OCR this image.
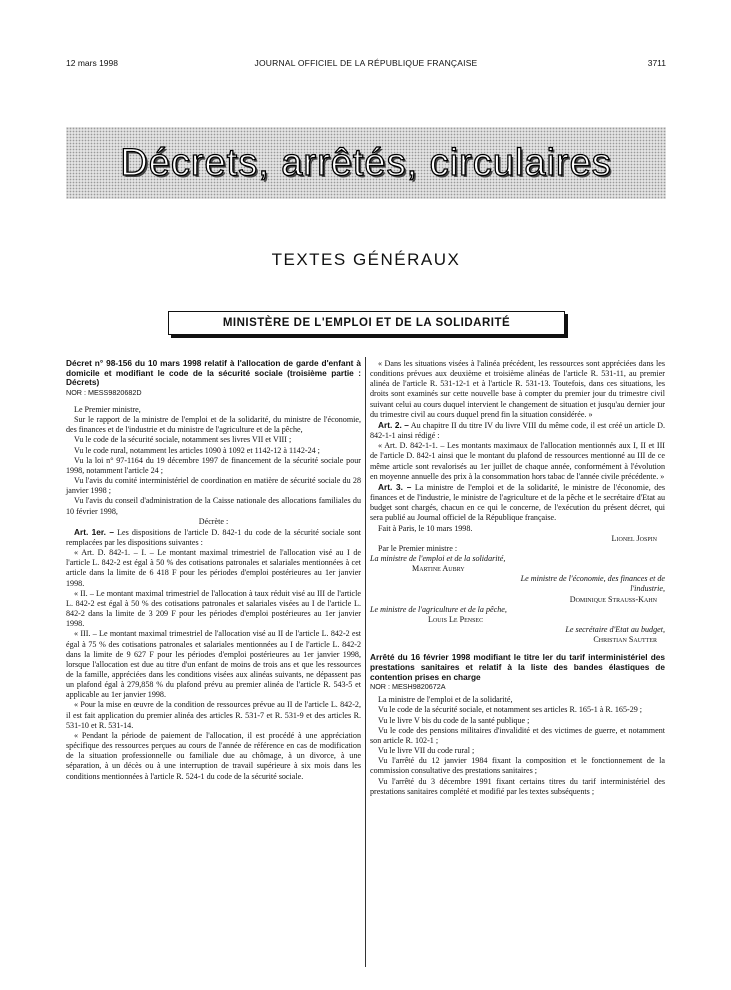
12 mars 1998	JOURNAL OFFICIEL DE LA RÉPUBLIQUE FRANÇAISE	3711
Décrets, arrêtés, circulaires
TEXTES GÉNÉRAUX
MINISTÈRE DE L'EMPLOI ET DE LA SOLIDARITÉ

Décret n° 98-156 du 10 mars 1998 relatif à l'allocation de garde d'enfant à domicile et modifiant le code de la sécurité sociale (troisième partie : Décrets)

NOR : MESS9820682D

Le Premier ministre,

Sur le rapport de la ministre de l'emploi et de la solidarité, du ministre de l'économie, des finances et de l'industrie et du ministre de l'agriculture et de la pêche,

Vu le code de la sécurité sociale, notamment ses livres VII et VIII ;

Vu le code rural, notamment les articles 1090 à 1092 et 1142-12 à 1142-24 ;

Vu la loi n° 97-1164 du 19 décembre 1997 de financement de la sécurité sociale pour 1998, notamment l'article 24 ;

Vu l'avis du comité interministériel de coordination en matière de sécurité sociale du 28 janvier 1998 ;

Vu l'avis du conseil d'administration de la Caisse nationale des allocations familiales du 10 février 1998,

Décrète :

Art. 1er. – Les dispositions de l'article D. 842-1 du code de la sécurité sociale sont remplacées par les dispositions suivantes :

« Art. D. 842-1. – I. – Le montant maximal trimestriel de l'allocation visé au I de l'article L. 842-2 est égal à 50 % des cotisations patronales et salariales mentionnées à cet article dans la limite de 6 418 F pour les périodes d'emploi postérieures au 1er janvier 1998.

« II. – Le montant maximal trimestriel de l'allocation à taux réduit visé au III de l'article L. 842-2 est égal à 50 % des cotisations patronales et salariales visées au I de l'article L. 842-2 dans la limite de 3 209 F pour les périodes d'emploi postérieures au 1er janvier 1998.

« III. – Le montant maximal trimestriel de l'allocation visé au II de l'article L. 842-2 est égal à 75 % des cotisations patronales et salariales mentionnées au I de l'article L. 842-2 dans la limite de 9 627 F pour les périodes d'emploi postérieures au 1er janvier 1998, lorsque l'allocation est due au titre d'un enfant de moins de trois ans et que les ressources de la famille, appréciées dans les conditions visées aux alinéas suivants, ne dépassent pas un plafond égal à 279,858 % du plafond prévu au premier alinéa de l'article R. 543-5 et applicable au 1er janvier 1998.

« Pour la mise en œuvre de la condition de ressources prévue au II de l'article L. 842-2, il est fait application du premier alinéa des articles R. 531-7 et R. 531-9 et des articles R. 531-10 et R. 531-14.

« Pendant la période de paiement de l'allocation, il est procédé à une appréciation spécifique des ressources perçues au cours de l'année de référence en cas de modification de la situation professionnelle ou familiale due au chômage, à un divorce, à une séparation, à un décès ou à une interruption de travail supérieure à six mois dans les conditions mentionnées à l'article R. 524-1 du code de la sécurité sociale.

« Dans les situations visées à l'alinéa précédent, les ressources sont appréciées dans les conditions prévues aux deuxième et troisième alinéas de l'article R. 531-11, au premier alinéa de l'article R. 531-12-1 et à l'article R. 531-13. Toutefois, dans ces situations, les droits sont examinés sur cette nouvelle base à compter du premier jour du trimestre civil suivant celui au cours duquel intervient le changement de situation et jusqu'au dernier jour du trimestre civil au cours duquel prend fin la situation considérée. »

Art. 2. – Au chapitre II du titre IV du livre VIII du même code, il est créé un article D. 842-1-1 ainsi rédigé :

« Art. D. 842-1-1. – Les montants maximaux de l'allocation mentionnés aux I, II et III de l'article D. 842-1 ainsi que le montant du plafond de ressources mentionné au III de ce même article sont revalorisés au 1er juillet de chaque année, conformément à l'évolution en moyenne annuelle des prix à la consommation hors tabac de l'année civile précédente. »

Art. 3. – La ministre de l'emploi et de la solidarité, le ministre de l'économie, des finances et de l'industrie, le ministre de l'agriculture et de la pêche et le secrétaire d'Etat au budget sont chargés, chacun en ce qui le concerne, de l'exécution du présent décret, qui sera publié au Journal officiel de la République française.

Fait à Paris, le 10 mars 1998.

Lionel Jospin

Par le Premier ministre :

La ministre de l'emploi et de la solidarité,

Martine Aubry

Le ministre de l'économie, des finances et de l'industrie,

Dominique Strauss-Kahn

Le ministre de l'agriculture et de la pêche,

Louis Le Pensec

Le secrétaire d'Etat au budget,

Christian Sautter

Arrêté du 16 février 1998 modifiant le titre Ier du tarif interministériel des prestations sanitaires et relatif à la liste des bandes élastiques de contention prises en charge

NOR : MESH9820672A

La ministre de l'emploi et de la solidarité,

Vu le code de la sécurité sociale, et notamment ses articles R. 165-1 à R. 165-29 ;

Vu le livre V bis du code de la santé publique ;

Vu le code des pensions militaires d'invalidité et des victimes de guerre, et notamment son article R. 102-1 ;

Vu le livre VII du code rural ;

Vu l'arrêté du 12 janvier 1984 fixant la composition et le fonctionnement de la commission consultative des prestations sanitaires ;

Vu l'arrêté du 3 décembre 1991 fixant certains titres du tarif interministériel des prestations sanitaires complété et modifié par les textes subséquents ;
